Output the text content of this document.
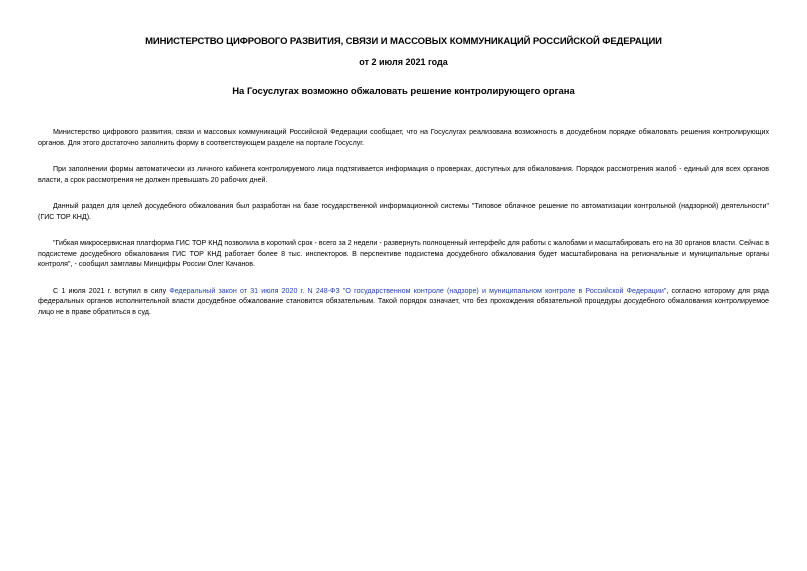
МИНИСТЕРСТВО ЦИФРОВОГО РАЗВИТИЯ, СВЯЗИ И МАССОВЫХ КОММУНИКАЦИЙ РОССИЙСКОЙ ФЕДЕРАЦИИ
от 2 июля 2021 года
На Госуслугах возможно обжаловать решение контролирующего органа

Министерство цифрового развития, связи и массовых коммуникаций Российской Федерации сообщает, что на Госуслугах реализована возможность в досудебном порядке обжаловать решения контролирующих органов. Для этого достаточно заполнить форму в соответствующем разделе на портале Госуслуг.

При заполнении формы автоматически из личного кабинета контролируемого лица подтягивается информация о проверках, доступных для обжалования. Порядок рассмотрения жалоб - единый для всех органов власти, а срок рассмотрения не должен превышать 20 рабочих дней.

Данный раздел для целей досудебного обжалования был разработан на базе государственной информационной системы "Типовое облачное решение по автоматизации контрольной (надзорной) деятельности" (ГИС ТОР КНД).

"Гибкая микросервисная платформа ГИС ТОР КНД позволила в короткий срок - всего за 2 недели - развернуть полноценный интерфейс для работы с жалобами и масштабировать его на 30 органов власти. Сейчас в подсистеме досудебного обжалования ГИС ТОР КНД работает более 8 тыс. инспекторов. В перспективе подсистема досудебного обжалования будет масштабирована на региональные и муниципальные органы контроля", - сообщил замглавы Минцифры России Олег Качанов.

С 1 июля 2021 г. вступил в силу Федеральный закон от 31 июля 2020 г. N 248-ФЗ "О государственном контроле (надзоре) и муниципальном контроле в Российской Федерации", согласно которому для ряда федеральных органов исполнительной власти досудебное обжалование становится обязательным. Такой порядок означает, что без прохождения обязательной процедуры досудебного обжалования контролируемое лицо не в праве обратиться в суд.
